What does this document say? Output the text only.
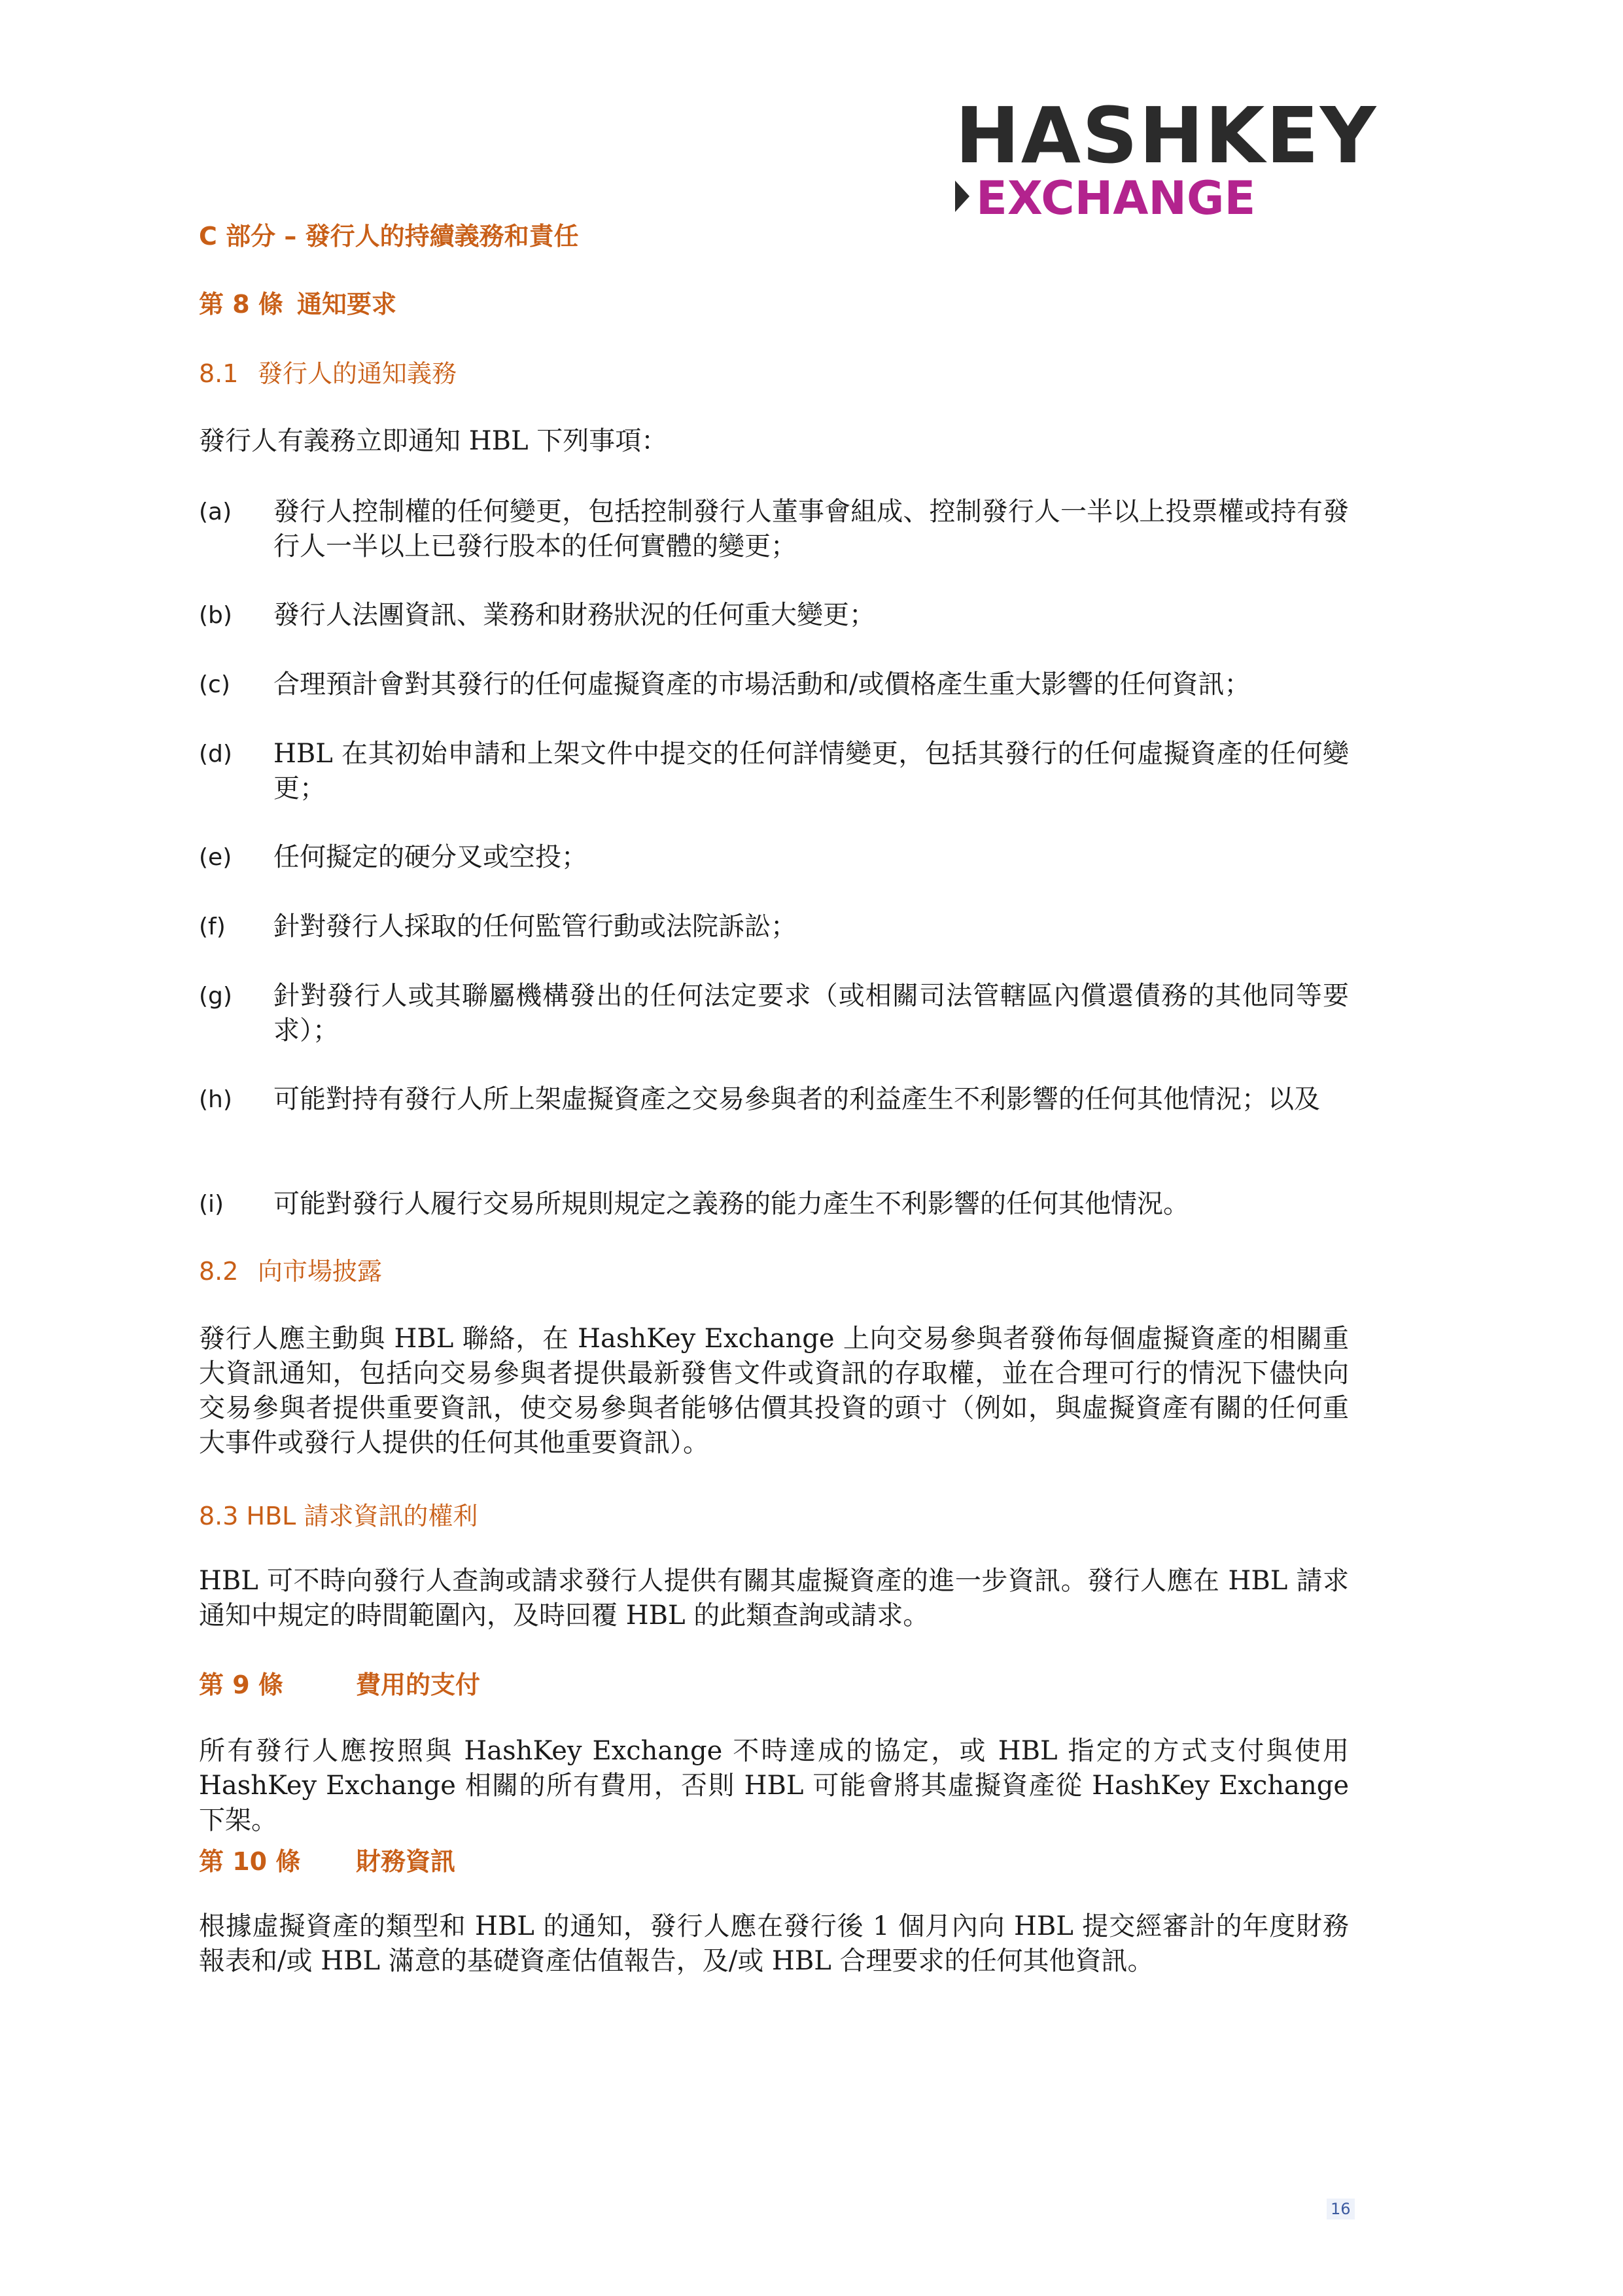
HASHKEY
EXCHANGE
C 部分 – 發行人的持續義務和責任
第 8 條 通知要求
8.1 發行人的通知義務
發行人有義務立即通知 HBL 下列事項：
(a) 發行人控制權的任何變更，包括控制發行人董事會組成、控制發行人一半以上投票權或持有發行人一半以上已發行股本的任何實體的變更；
(b) 發行人法團資訊、業務和財務狀況的任何重大變更；
(c) 合理預計會對其發行的任何虛擬資產的市場活動和/或價格產生重大影響的任何資訊；
(d) HBL 在其初始申請和上架文件中提交的任何詳情變更，包括其發行的任何虛擬資產的任何變更；
(e) 任何擬定的硬分叉或空投；
(f) 針對發行人採取的任何監管行動或法院訴訟；
(g) 針對發行人或其聯屬機構發出的任何法定要求（或相關司法管轄區內償還債務的其他同等要求）；
(h) 可能對持有發行人所上架虛擬資產之交易參與者的利益產生不利影響的任何其他情況；以及
(i) 可能對發行人履行交易所規則規定之義務的能力產生不利影響的任何其他情況。
8.2 向市場披露
發行人應主動與 HBL 聯絡，在 HashKey Exchange 上向交易參與者發佈每個虛擬資產的相關重大資訊通知，包括向交易參與者提供最新發售文件或資訊的存取權，並在合理可行的情況下儘快向交易參與者提供重要資訊，使交易參與者能够估價其投資的頭寸（例如，與虛擬資產有關的任何重大事件或發行人提供的任何其他重要資訊）。
8.3 HBL 請求資訊的權利
HBL 可不時向發行人查詢或請求發行人提供有關其虛擬資產的進一步資訊。發行人應在 HBL 請求通知中規定的時間範圍內，及時回覆 HBL 的此類查詢或請求。
第 9 條	費用的支付
所有發行人應按照與 HashKey Exchange 不時達成的協定，或 HBL 指定的方式支付與使用 HashKey Exchange 相關的所有費用，否則 HBL 可能會將其虛擬資產從 HashKey Exchange 下架。
第 10 條 財務資訊
根據虛擬資產的類型和 HBL 的通知，發行人應在發行後 1 個月內向 HBL 提交經審計的年度財務報表和/或 HBL 滿意的基礎資產估值報告，及/或 HBL 合理要求的任何其他資訊。
16
